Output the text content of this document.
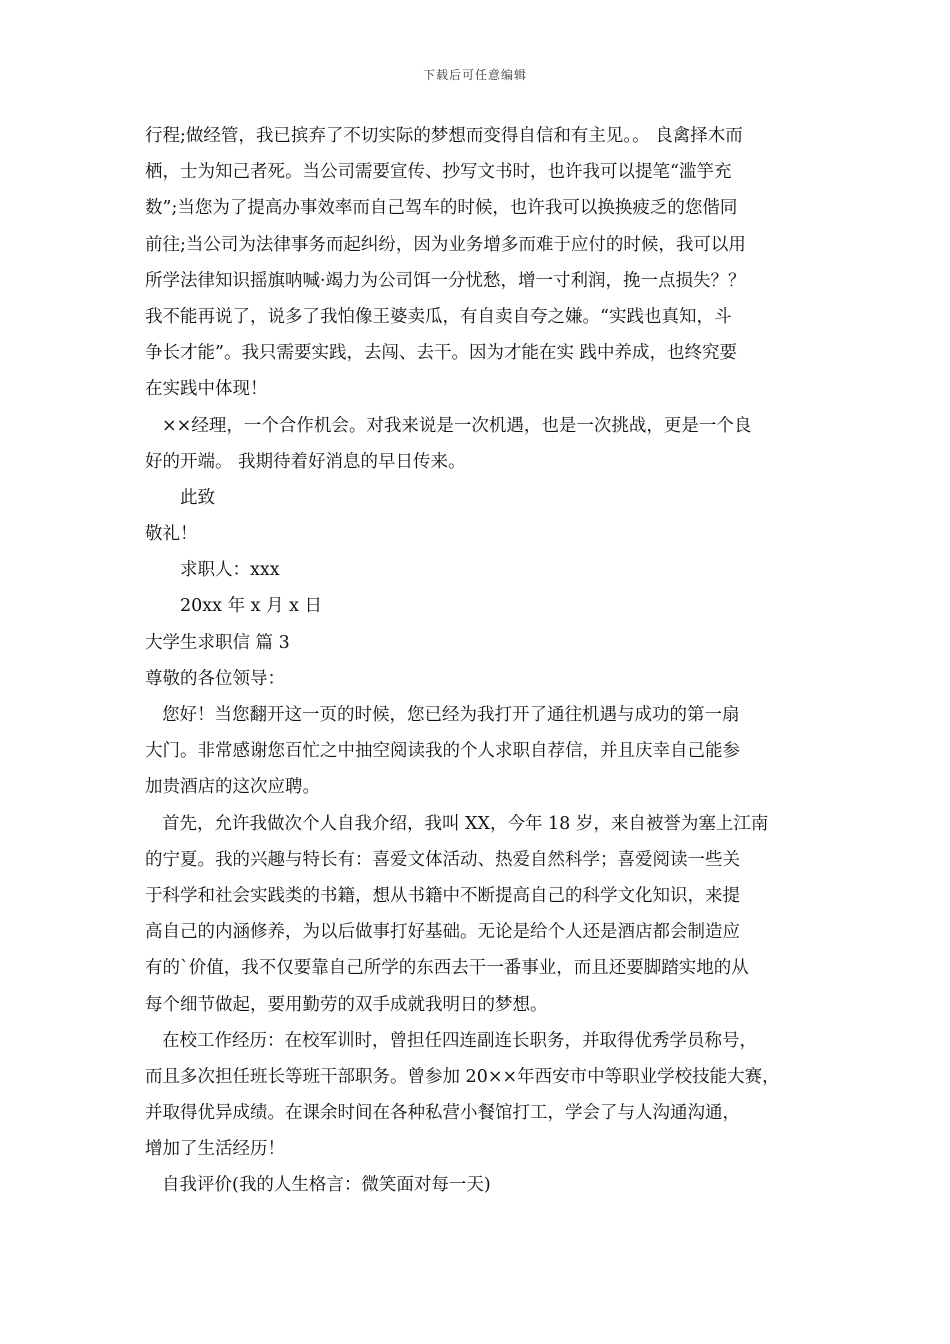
下载后可任意编辑
行程;做经管，我已摈弃了不切实际的梦想而变得自信和有主见。。 良禽择木而
栖，士为知己者死。当公司需要宣传、抄写文书时，也许我可以提笔“滥竽充
数”;当您为了提高办事效率而自己驾车的时候，也许我可以换换疲乏的您偕同
前往;当公司为法律事务而起纠纷，因为业务增多而难于应付的时候，我可以用
所学法律知识摇旗呐喊·竭力为公司饵一分忧愁，增一寸利润，挽一点损失？？
我不能再说了，说多了我怕像王婆卖瓜，有自卖自夸之嫌。“实践也真知，斗
争长才能”。我只需要实践，去闯、去干。因为才能在实 践中养成，也终究要
在实践中体现！
××经理，一个合作机会。对我来说是一次机遇，也是一次挑战，更是一个良
好的开端。 我期待着好消息的早日传来。
此致
敬礼！
求职人：xxx
20xx 年 x 月 x 日
大学生求职信 篇 3
尊敬的各位领导：
您好！当您翻开这一页的时候，您已经为我打开了通往机遇与成功的第一扇
大门。非常感谢您百忙之中抽空阅读我的个人求职自荐信，并且庆幸自己能参
加贵酒店的这次应聘。
首先，允许我做次个人自我介绍，我叫 XX，今年 18 岁，来自被誉为塞上江南
的宁夏。我的兴趣与特长有：喜爱文体活动、热爱自然科学；喜爱阅读一些关
于科学和社会实践类的书籍，想从书籍中不断提高自己的科学文化知识，来提
高自己的内涵修养，为以后做事打好基础。无论是给个人还是酒店都会制造应
有的`价值，我不仅要靠自己所学的东西去干一番事业，而且还要脚踏实地的从
每个细节做起，要用勤劳的双手成就我明日的梦想。
在校工作经历：在校军训时，曾担任四连副连长职务，并取得优秀学员称号，
而且多次担任班长等班干部职务。曾参加 20××年西安市中等职业学校技能大赛，
并取得优异成绩。在课余时间在各种私营小餐馆打工，学会了与人沟通沟通，
增加了生活经历！
自我评价(我的人生格言：微笑面对每一天)
